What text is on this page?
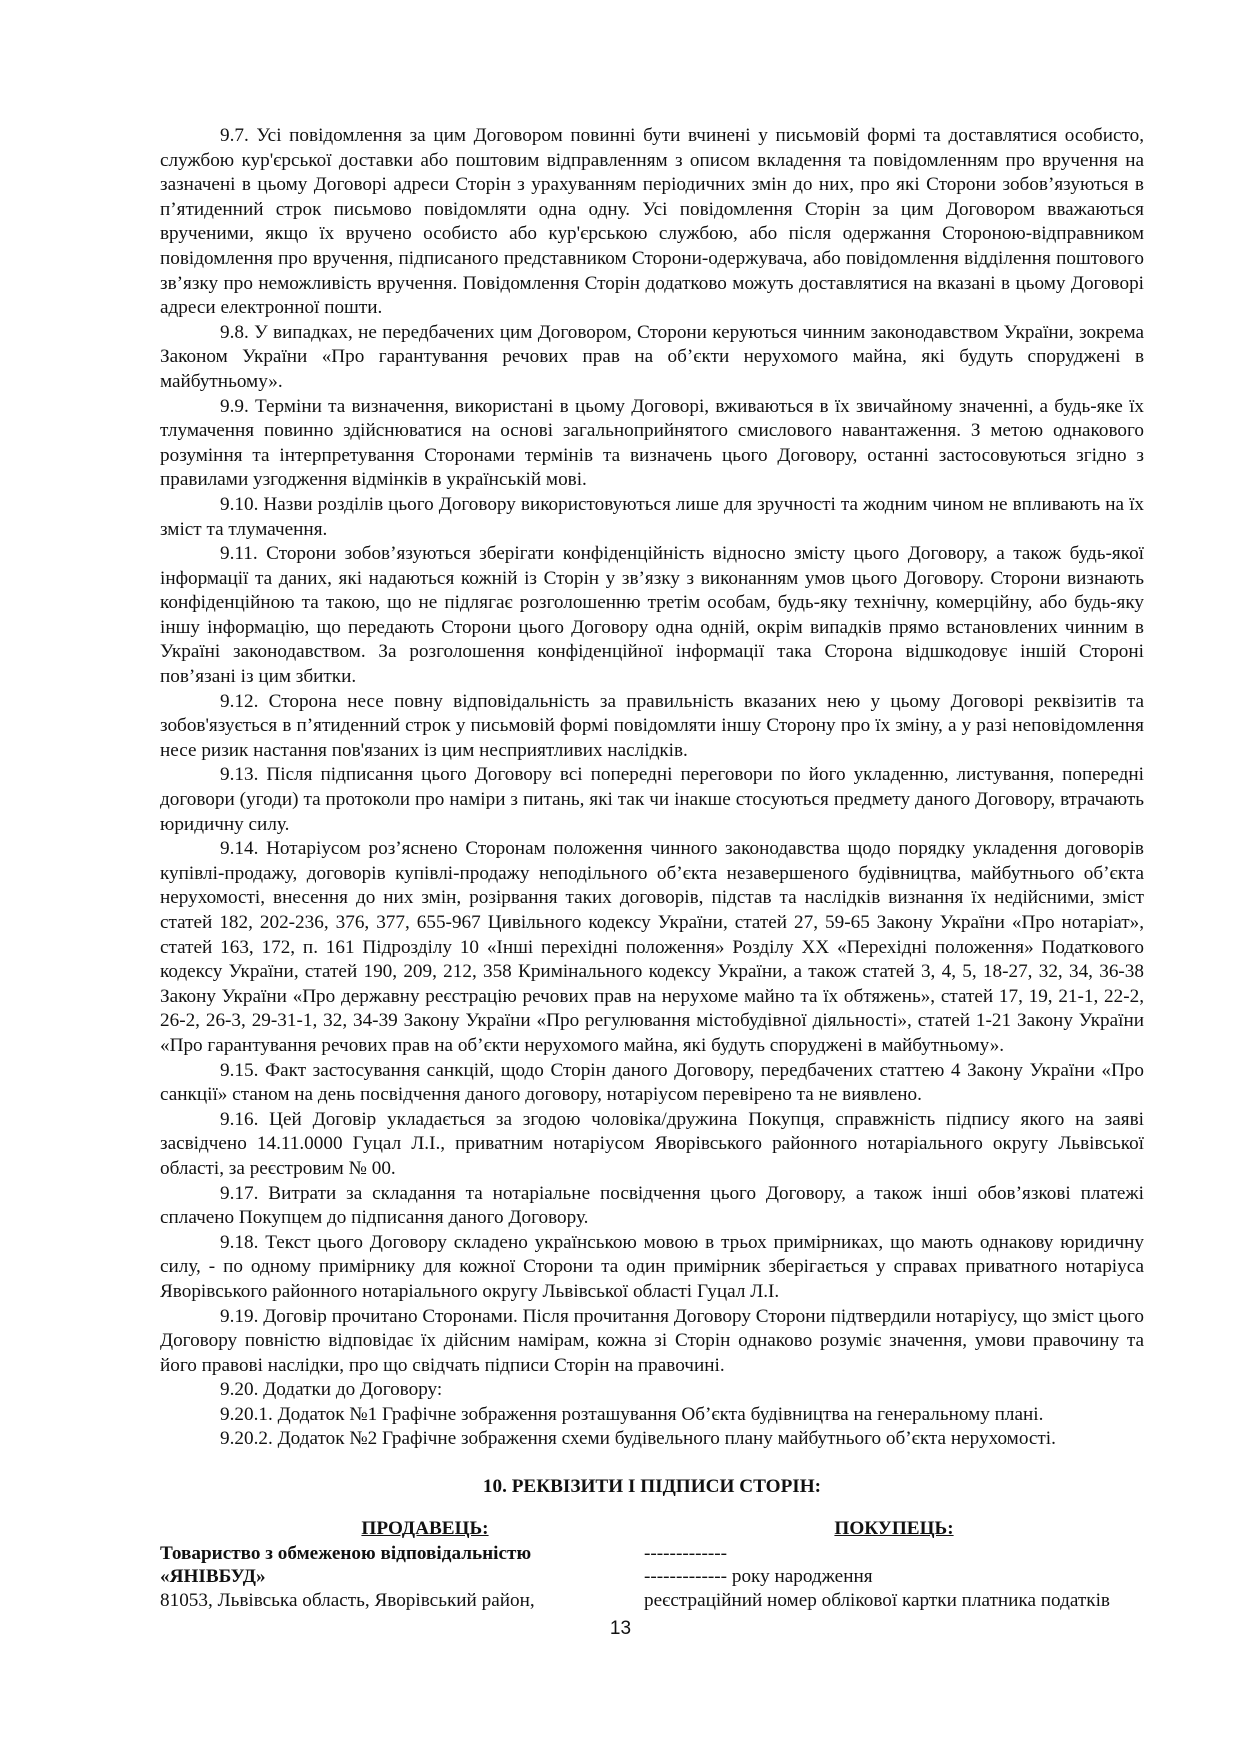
9.7. Усі повідомлення за цим Договором повинні бути вчинені у письмовій формі та доставлятися особисто, службою кур'єрської доставки або поштовим відправленням з описом вкладення та повідомленням про вручення на зазначені в цьому Договорі адреси Сторін з урахуванням періодичних змін до них, про які Сторони зобов’язуються в п’ятиденний строк письмово повідомляти одна одну. Усі повідомлення Сторін за цим Договором вважаються врученими, якщо їх вручено особисто або кур'єрською службою, або після одержання Стороною-відправником повідомлення про вручення, підписаного представником Сторони-одержувача, або повідомлення відділення поштового зв’язку про неможливість вручення. Повідомлення Сторін додатково можуть доставлятися на вказані в цьому Договорі адреси електронної пошти.

9.8. У випадках, не передбачених цим Договором, Сторони керуються чинним законодавством України, зокрема Законом України «Про гарантування речових прав на об’єкти нерухомого майна, які будуть споруджені в майбутньому».

9.9. Терміни та визначення, використані в цьому Договорі, вживаються в їх звичайному значенні, а будь-яке їх тлумачення повинно здійснюватися на основі загальноприйнятого смислового навантаження. З метою однакового розуміння та інтерпретування Сторонами термінів та визначень цього Договору, останні застосовуються згідно з правилами узгодження відмінків в українській мові.

9.10. Назви розділів цього Договору використовуються лише для зручності та жодним чином не впливають на їх зміст та тлумачення.

9.11. Сторони зобов’язуються зберігати конфіденційність відносно змісту цього Договору, а також будь-якої інформації та даних, які надаються кожній із Сторін у зв’язку з виконанням умов цього Договору. Сторони визнають конфіденційною та такою, що не підлягає розголошенню третім особам, будь-яку технічну, комерційну, або будь-яку іншу інформацію, що передають Сторони цього Договору одна одній, окрім випадків прямо встановлених чинним в Україні законодавством. За розголошення конфіденційної інформації така Сторона відшкодовує іншій Стороні пов’язані із цим збитки.

9.12. Сторона несе повну відповідальність за правильність вказаних нею у цьому Договорі реквізитів та зобов'язується в п’ятиденний строк у письмовій формі повідомляти іншу Сторону про їх зміну, а у разі неповідомлення несе ризик настання пов'язаних із цим несприятливих наслідків.

9.13. Після підписання цього Договору всі попередні переговори по його укладенню, листування, попередні договори (угоди) та протоколи про наміри з питань, які так чи інакше стосуються предмету даного Договору, втрачають юридичну силу.

9.14. Нотаріусом роз’яснено Сторонам положення чинного законодавства щодо порядку укладення договорів купівлі-продажу, договорів купівлі-продажу неподільного об’єкта незавершеного будівництва, майбутнього об’єкта нерухомості, внесення до них змін, розірвання таких договорів, підстав та наслідків визнання їх недійсними, зміст статей 182, 202-236, 376, 377, 655-967 Цивільного кодексу України, статей 27, 59-65 Закону України «Про нотаріат», статей 163, 172, п. 161 Підрозділу 10 «Інші перехідні положення» Розділу XX «Перехідні положення» Податкового кодексу України, статей 190, 209, 212, 358 Кримінального кодексу України, а також статей 3, 4, 5, 18-27, 32, 34, 36-38 Закону України «Про державну реєстрацію речових прав на нерухоме майно та їх обтяжень», статей 17, 19, 21-1, 22-2, 26-2, 26-3, 29-31-1, 32, 34-39 Закону України «Про регулювання містобудівної діяльності», статей 1-21 Закону України «Про гарантування речових прав на об’єкти нерухомого майна, які будуть споруджені в майбутньому».

9.15. Факт застосування санкцій, щодо Сторін даного Договору, передбачених статтею 4 Закону України «Про санкції» станом на день посвідчення даного договору, нотаріусом перевірено та не виявлено.

9.16. Цей Договір укладається за згодою чоловіка/дружина Покупця, справжність підпису якого на заяві засвідчено 14.11.0000 Гуцал Л.І., приватним нотаріусом Яворівського районного нотаріального округу Львівської області, за реєстровим № 00.

9.17. Витрати за складання та нотаріальне посвідчення цього Договору, а також інші обов’язкові платежі сплачено Покупцем до підписання даного Договору.

9.18. Текст цього Договору складено українською мовою в трьох примірниках, що мають однакову юридичну силу, - по одному примірнику для кожної Сторони та один примірник зберігається у справах приватного нотаріуса Яворівського районного нотаріального округу Львівської області Гуцал Л.І.

9.19. Договір прочитано Сторонами. Після прочитання Договору Сторони підтвердили нотаріусу, що зміст цього Договору повністю відповідає їх дійсним намірам, кожна зі Сторін однаково розуміє значення, умови правочину та його правові наслідки, про що свідчать підписи Сторін на правочині.

9.20. Додатки до Договору:

9.20.1. Додаток №1 Графічне зображення розташування Об’єкта будівництва на генеральному плані.

9.20.2. Додаток №2 Графічне зображення схеми будівельного плану майбутнього об’єкта нерухомості.

10. РЕКВІЗИТИ І ПІДПИСИ СТОРІН:
ПРОДАВЕЦЬ:
Товариство з обмеженою відповідальністю
«ЯНІВБУД»
81053, Львівська область, Яворівський район,
ПОКУПЕЦЬ:
-------------
------------- року народження
реєстраційний номер облікової картки платника податків
13
